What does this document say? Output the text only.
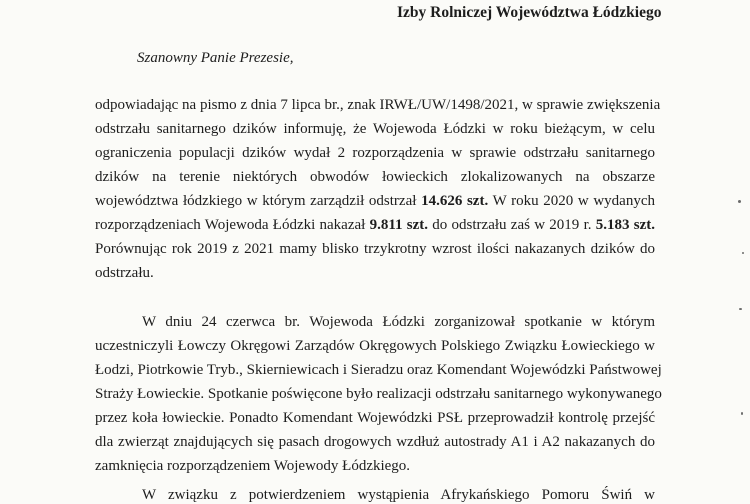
Izby Rolniczej Województwa Łódzkiego
Szanowny Panie Prezesie,
odpowiadając na pismo z dnia 7 lipca br., znak IRWŁ/UW/1498/2021, w sprawie zwiększenia
odstrzału sanitarnego dzików informuję, że Wojewoda Łódzki w roku bieżącym, w celu
ograniczenia populacji dzików wydał 2 rozporządzenia w sprawie odstrzału sanitarnego
dzików na terenie niektórych obwodów łowieckich zlokalizowanych na obszarze
województwa łódzkiego w którym zarządził odstrzał 14.626 szt. W roku 2020 w wydanych
rozporządzeniach Wojewoda Łódzki nakazał 9.811 szt. do odstrzału zaś w 2019 r. 5.183 szt.
Porównując rok 2019 z 2021 mamy blisko trzykrotny wzrost ilości nakazanych dzików do
odstrzału.
W dniu 24 czerwca br. Wojewoda Łódzki zorganizował spotkanie w którym
uczestniczyli Łowczy Okręgowi Zarządów Okręgowych Polskiego Związku Łowieckiego w
Łodzi, Piotrkowie Tryb., Skierniewicach i Sieradzu oraz Komendant Wojewódzki Państwowej
Straży Łowieckie. Spotkanie poświęcone było realizacji odstrzału sanitarnego wykonywanego
przez koła łowieckie. Ponadto Komendant Wojewódzki PSŁ przeprowadził kontrolę przejść
dla zwierząt znajdujących się pasach drogowych wzdłuż autostrady A1 i A2 nakazanych do
zamknięcia rozporządzeniem Wojewody Łódzkiego.
W związku z potwierdzeniem wystąpienia Afrykańskiego Pomoru Świń w
